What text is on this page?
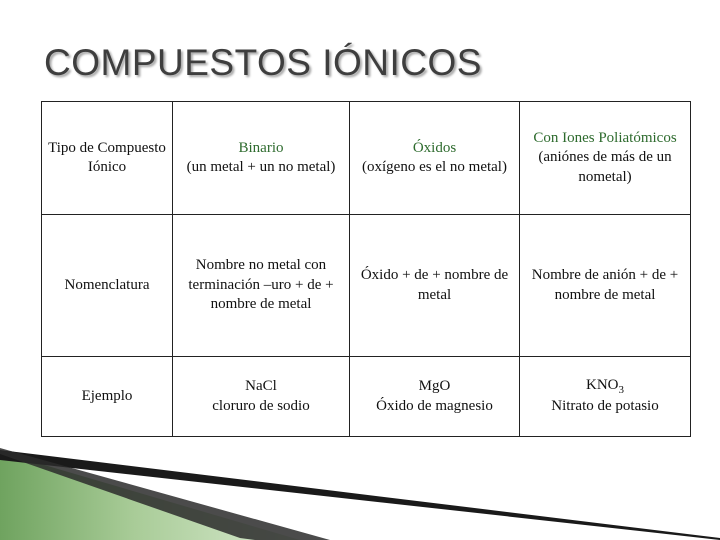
COMPUESTOS IÓNICOS
Tipo de Compuesto Iónico
Binario
(un metal + un no metal)
Óxidos
(oxígeno es el no metal)
Con Iones Poliatómicos
(aniónes de más de un nometal)
Nomenclatura
Nombre no metal con terminación –uro + de + nombre de metal
Óxido + de + nombre de metal
Nombre de anión + de + nombre de metal
Ejemplo
NaCl
cloruro de sodio
MgO
Óxido de magnesio
$KNO_3$
Nitrato de potasio
